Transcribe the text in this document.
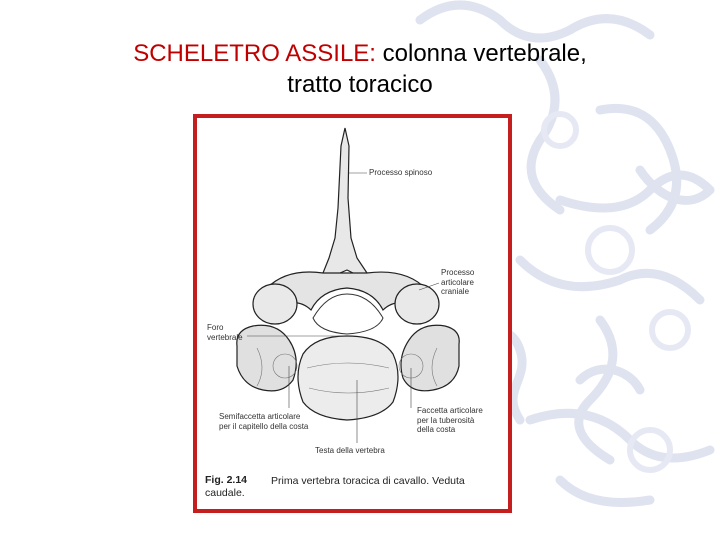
SCHELETRO ASSILE: colonna vertebrale,
tratto toracico
Processo spinoso
Processo
articolare
craniale
Foro
vertebrale
Semifaccetta articolare
per il capitello della costa
Faccetta articolare
per la tuberosità
della costa
Testa della vertebra
Fig. 2.14 Prima vertebra toracica di cavallo. Veduta
caudale.
